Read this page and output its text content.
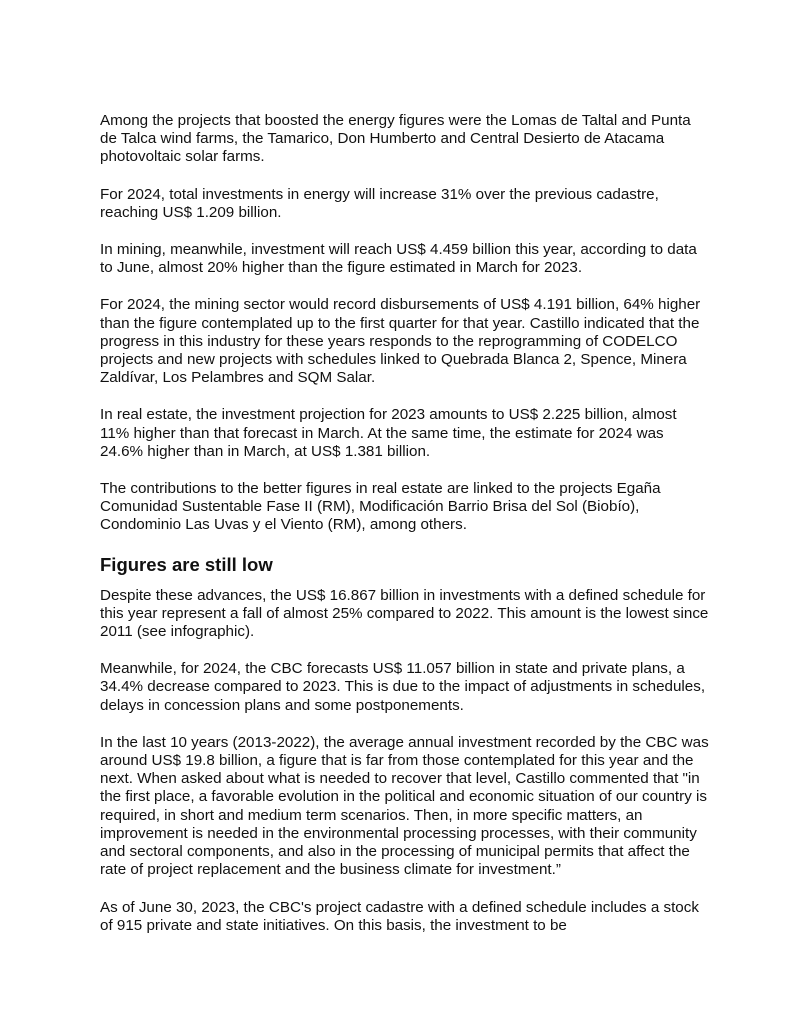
Among the projects that boosted the energy figures were the Lomas de Taltal and Punta de Talca wind farms, the Tamarico, Don Humberto and Central Desierto de Atacama photovoltaic solar farms.

For 2024, total investments in energy will increase 31% over the previous cadastre, reaching US$ 1.209 billion.

In mining, meanwhile, investment will reach US$ 4.459 billion this year, according to data to June, almost 20% higher than the figure estimated in March for 2023.

For 2024, the mining sector would record disbursements of US$ 4.191 billion, 64% higher than the figure contemplated up to the first quarter for that year. Castillo indicated that the progress in this industry for these years responds to the reprogramming of CODELCO projects and new projects with schedules linked to Quebrada Blanca 2, Spence, Minera Zaldívar, Los Pelambres and SQM Salar.

In real estate, the investment projection for 2023 amounts to US$ 2.225 billion, almost 11% higher than that forecast in March. At the same time, the estimate for 2024 was 24.6% higher than in March, at US$ 1.381 billion.

The contributions to the better figures in real estate are linked to the projects Egaña Comunidad Sustentable Fase II (RM), Modificación Barrio Brisa del Sol (Biobío), Condominio Las Uvas y el Viento (RM), among others.

Figures are still low

Despite these advances, the US$ 16.867 billion in investments with a defined schedule for this year represent a fall of almost 25% compared to 2022. This amount is the lowest since 2011 (see infographic).

Meanwhile, for 2024, the CBC forecasts US$ 11.057 billion in state and private plans, a 34.4% decrease compared to 2023. This is due to the impact of adjustments in schedules, delays in concession plans and some postponements.

In the last 10 years (2013-2022), the average annual investment recorded by the CBC was around US$ 19.8 billion, a figure that is far from those contemplated for this year and the next. When asked about what is needed to recover that level, Castillo commented that "in the first place, a favorable evolution in the political and economic situation of our country is required, in short and medium term scenarios. Then, in more specific matters, an improvement is needed in the environmental processing processes, with their community and sectoral components, and also in the processing of municipal permits that affect the rate of project replacement and the business climate for investment.”

As of June 30, 2023, the CBC's project cadastre with a defined schedule includes a stock of 915 private and state initiatives. On this basis, the investment to be
